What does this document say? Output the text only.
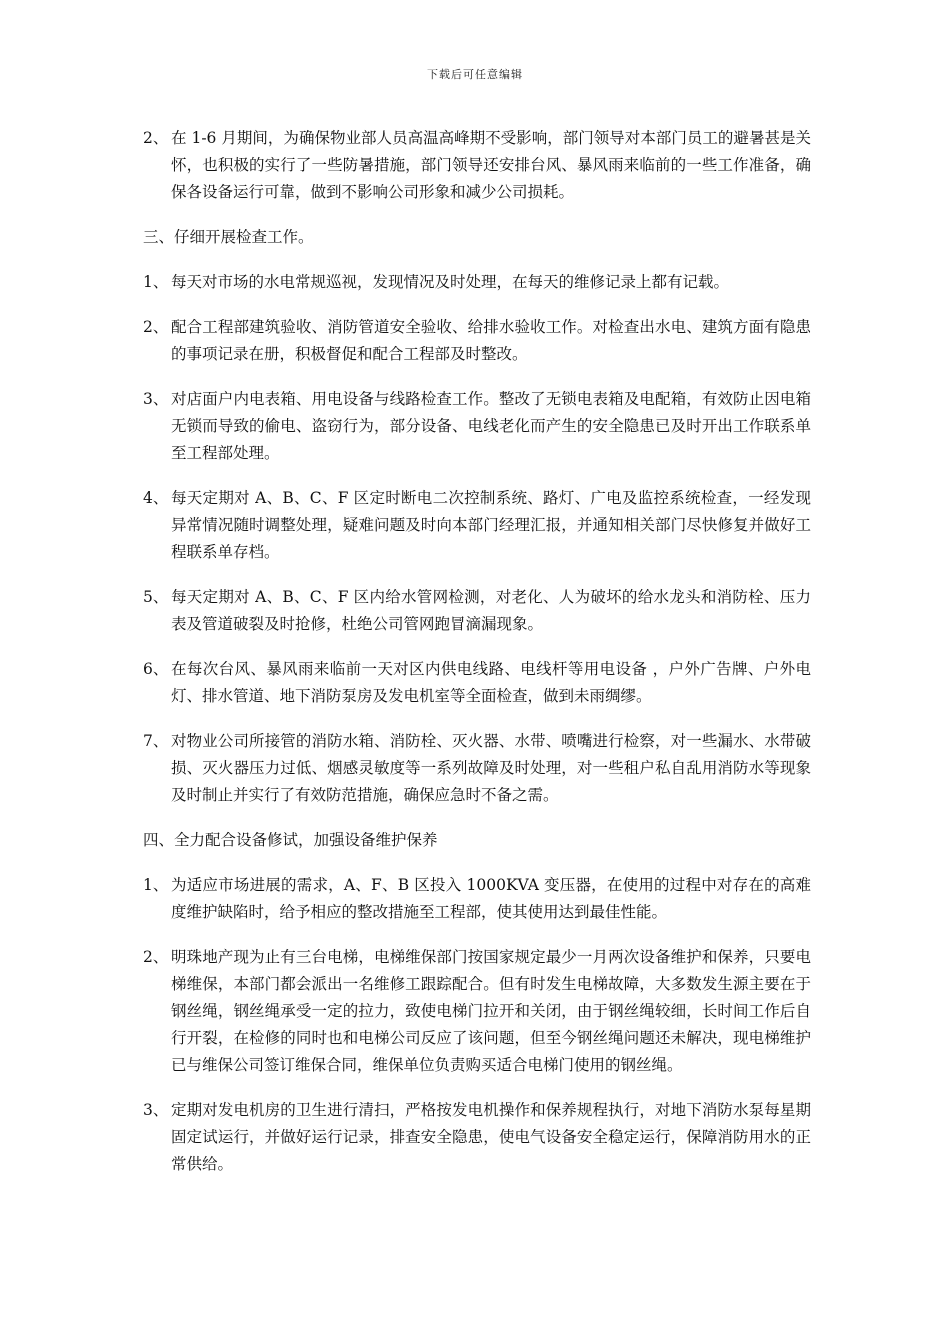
下载后可任意编辑
2、 在 1-6 月期间，为确保物业部人员高温高峰期不受影响，部门领导对本部门员工的避暑甚是关怀，也积极的实行了一些防暑措施，部门领导还安排台风、暴风雨来临前的一些工作准备，确保各设备运行可靠，做到不影响公司形象和减少公司损耗。
三、仔细开展检查工作。
1、 每天对市场的水电常规巡视，发现情况及时处理，在每天的维修记录上都有记载。
2、 配合工程部建筑验收、消防管道安全验收、给排水验收工作。对检查出水电、建筑方面有隐患的事项记录在册，积极督促和配合工程部及时整改。
3、 对店面户内电表箱、用电设备与线路检查工作。整改了无锁电表箱及电配箱，有效防止因电箱无锁而导致的偷电、盗窃行为，部分设备、电线老化而产生的安全隐患已及时开出工作联系单至工程部处理。
4、 每天定期对 A、B、C、F 区定时断电二次控制系统、路灯、广电及监控系统检查，一经发现异常情况随时调整处理，疑难问题及时向本部门经理汇报，并通知相关部门尽快修复并做好工程联系单存档。
5、 每天定期对 A、B、C、F 区内给水管网检测，对老化、人为破坏的给水龙头和消防栓、压力表及管道破裂及时抢修，杜绝公司管网跑冒滴漏现象。
6、 在每次台风、暴风雨来临前一天对区内供电线路、电线杆等用电设备 ，户外广告牌、户外电灯、排水管道、地下消防泵房及发电机室等全面检查，做到未雨绸缪。
7、 对物业公司所接管的消防水箱、消防栓、灭火器、水带、喷嘴进行检察，对一些漏水、水带破损、灭火器压力过低、烟感灵敏度等一系列故障及时处理，对一些租户私自乱用消防水等现象及时制止并实行了有效防范措施，确保应急时不备之需。
四、全力配合设备修试，加强设备维护保养
1、 为适应市场进展的需求，A、F、B 区投入 1000KVA 变压器，在使用的过程中对存在的高难度维护缺陷时，给予相应的整改措施至工程部，使其使用达到最佳性能。
2、 明珠地产现为止有三台电梯，电梯维保部门按国家规定最少一月两次设备维护和保养，只要电梯维保，本部门都会派出一名维修工跟踪配合。但有时发生电梯故障，大多数发生源主要在于钢丝绳，钢丝绳承受一定的拉力，致使电梯门拉开和关闭，由于钢丝绳较细，长时间工作后自行开裂，在检修的同时也和电梯公司反应了该问题，但至今钢丝绳问题还未解决，现电梯维护已与维保公司签订维保合同，维保单位负责购买适合电梯门使用的钢丝绳。
3、 定期对发电机房的卫生进行清扫，严格按发电机操作和保养规程执行，对地下消防水泵每星期固定试运行，并做好运行记录，排查安全隐患，使电气设备安全稳定运行，保障消防用水的正常供给。
